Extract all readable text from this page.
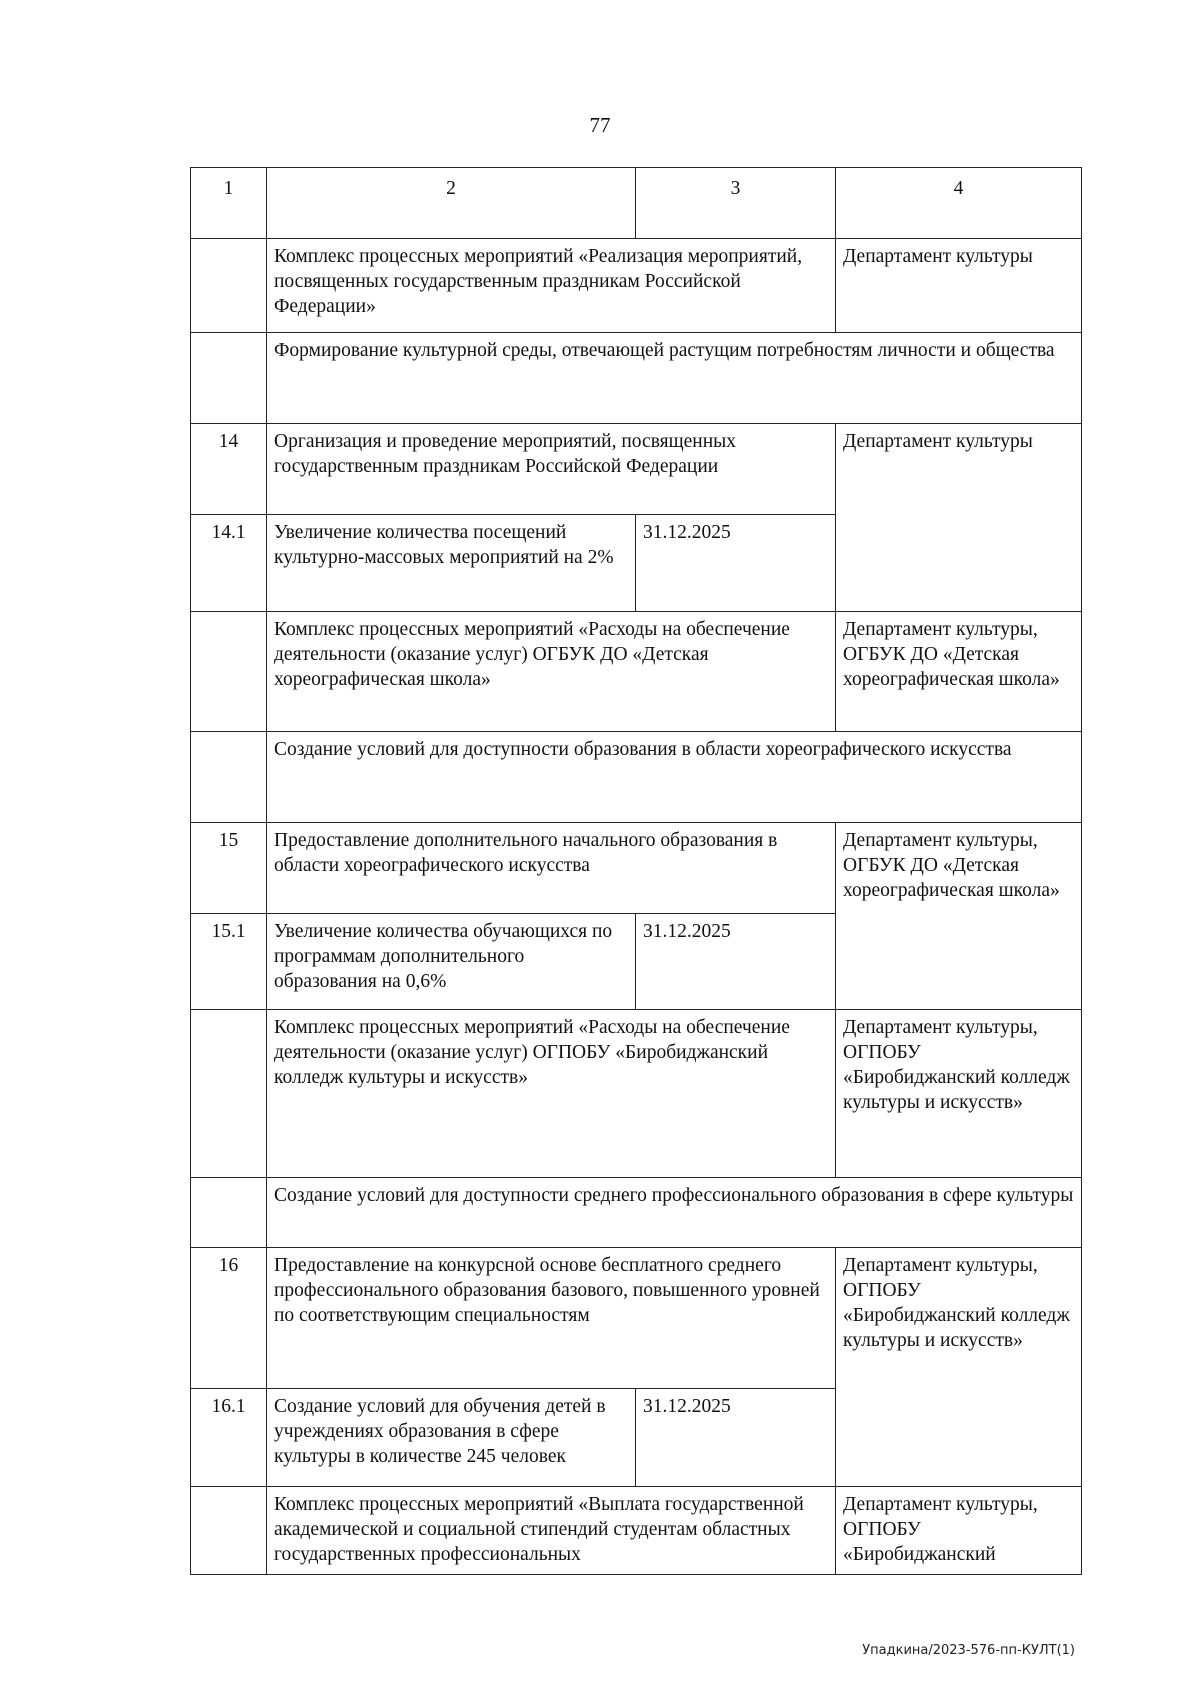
77
1	2	3	4
	Комплекс процессных мероприятий «Реализация мероприятий, посвященных государственным праздникам Российской Федерации»		Департамент культуры
	Формирование культурной среды, отвечающей растущим потребностям личности и общества		
14	Организация и проведение мероприятий, посвященных государственным праздникам Российской Федерации		Департамент культуры
14.1	Увеличение количества посещений культурно-массовых мероприятий на 2%	31.12.2025	
	Комплекс процессных мероприятий «Расходы на обеспечение деятельности (оказание услуг) ОГБУК ДО «Детская хореографическая школа»		Департамент культуры, ОГБУК ДО «Детская хореографическая школа»
	Создание условий для доступности образования в области хореографического искусства		
15	Предоставление дополнительного начального образования в области хореографического искусства		Департамент культуры, ОГБУК ДО «Детская хореографическая школа»
15.1	Увеличение количества обучающихся по программам дополнительного образования на 0,6%	31.12.2025	
	Комплекс процессных мероприятий «Расходы на обеспечение деятельности (оказание услуг) ОГПОБУ «Биробиджанский колледж культуры и искусств»		Департамент культуры, ОГПОБУ «Биробиджанский колледж культуры и искусств»
	Создание условий для доступности среднего профессионального образования в сфере культуры		
16	Предоставление на конкурсной основе бесплатного среднего профессионального образования базового, повышенного уровней по соответствующим специальностям		Департамент культуры, ОГПОБУ «Биробиджанский колледж культуры и искусств»
16.1	Создание условий для обучения детей в учреждениях образования в сфере культуры в количестве 245 человек	31.12.2025	
	Комплекс процессных мероприятий «Выплата государственной академической и социальной стипендий студентам областных государственных профессиональных		Департамент культуры, ОГПОБУ «Биробиджанский
Упадкина/2023-576-пп-КУЛТ(1)
